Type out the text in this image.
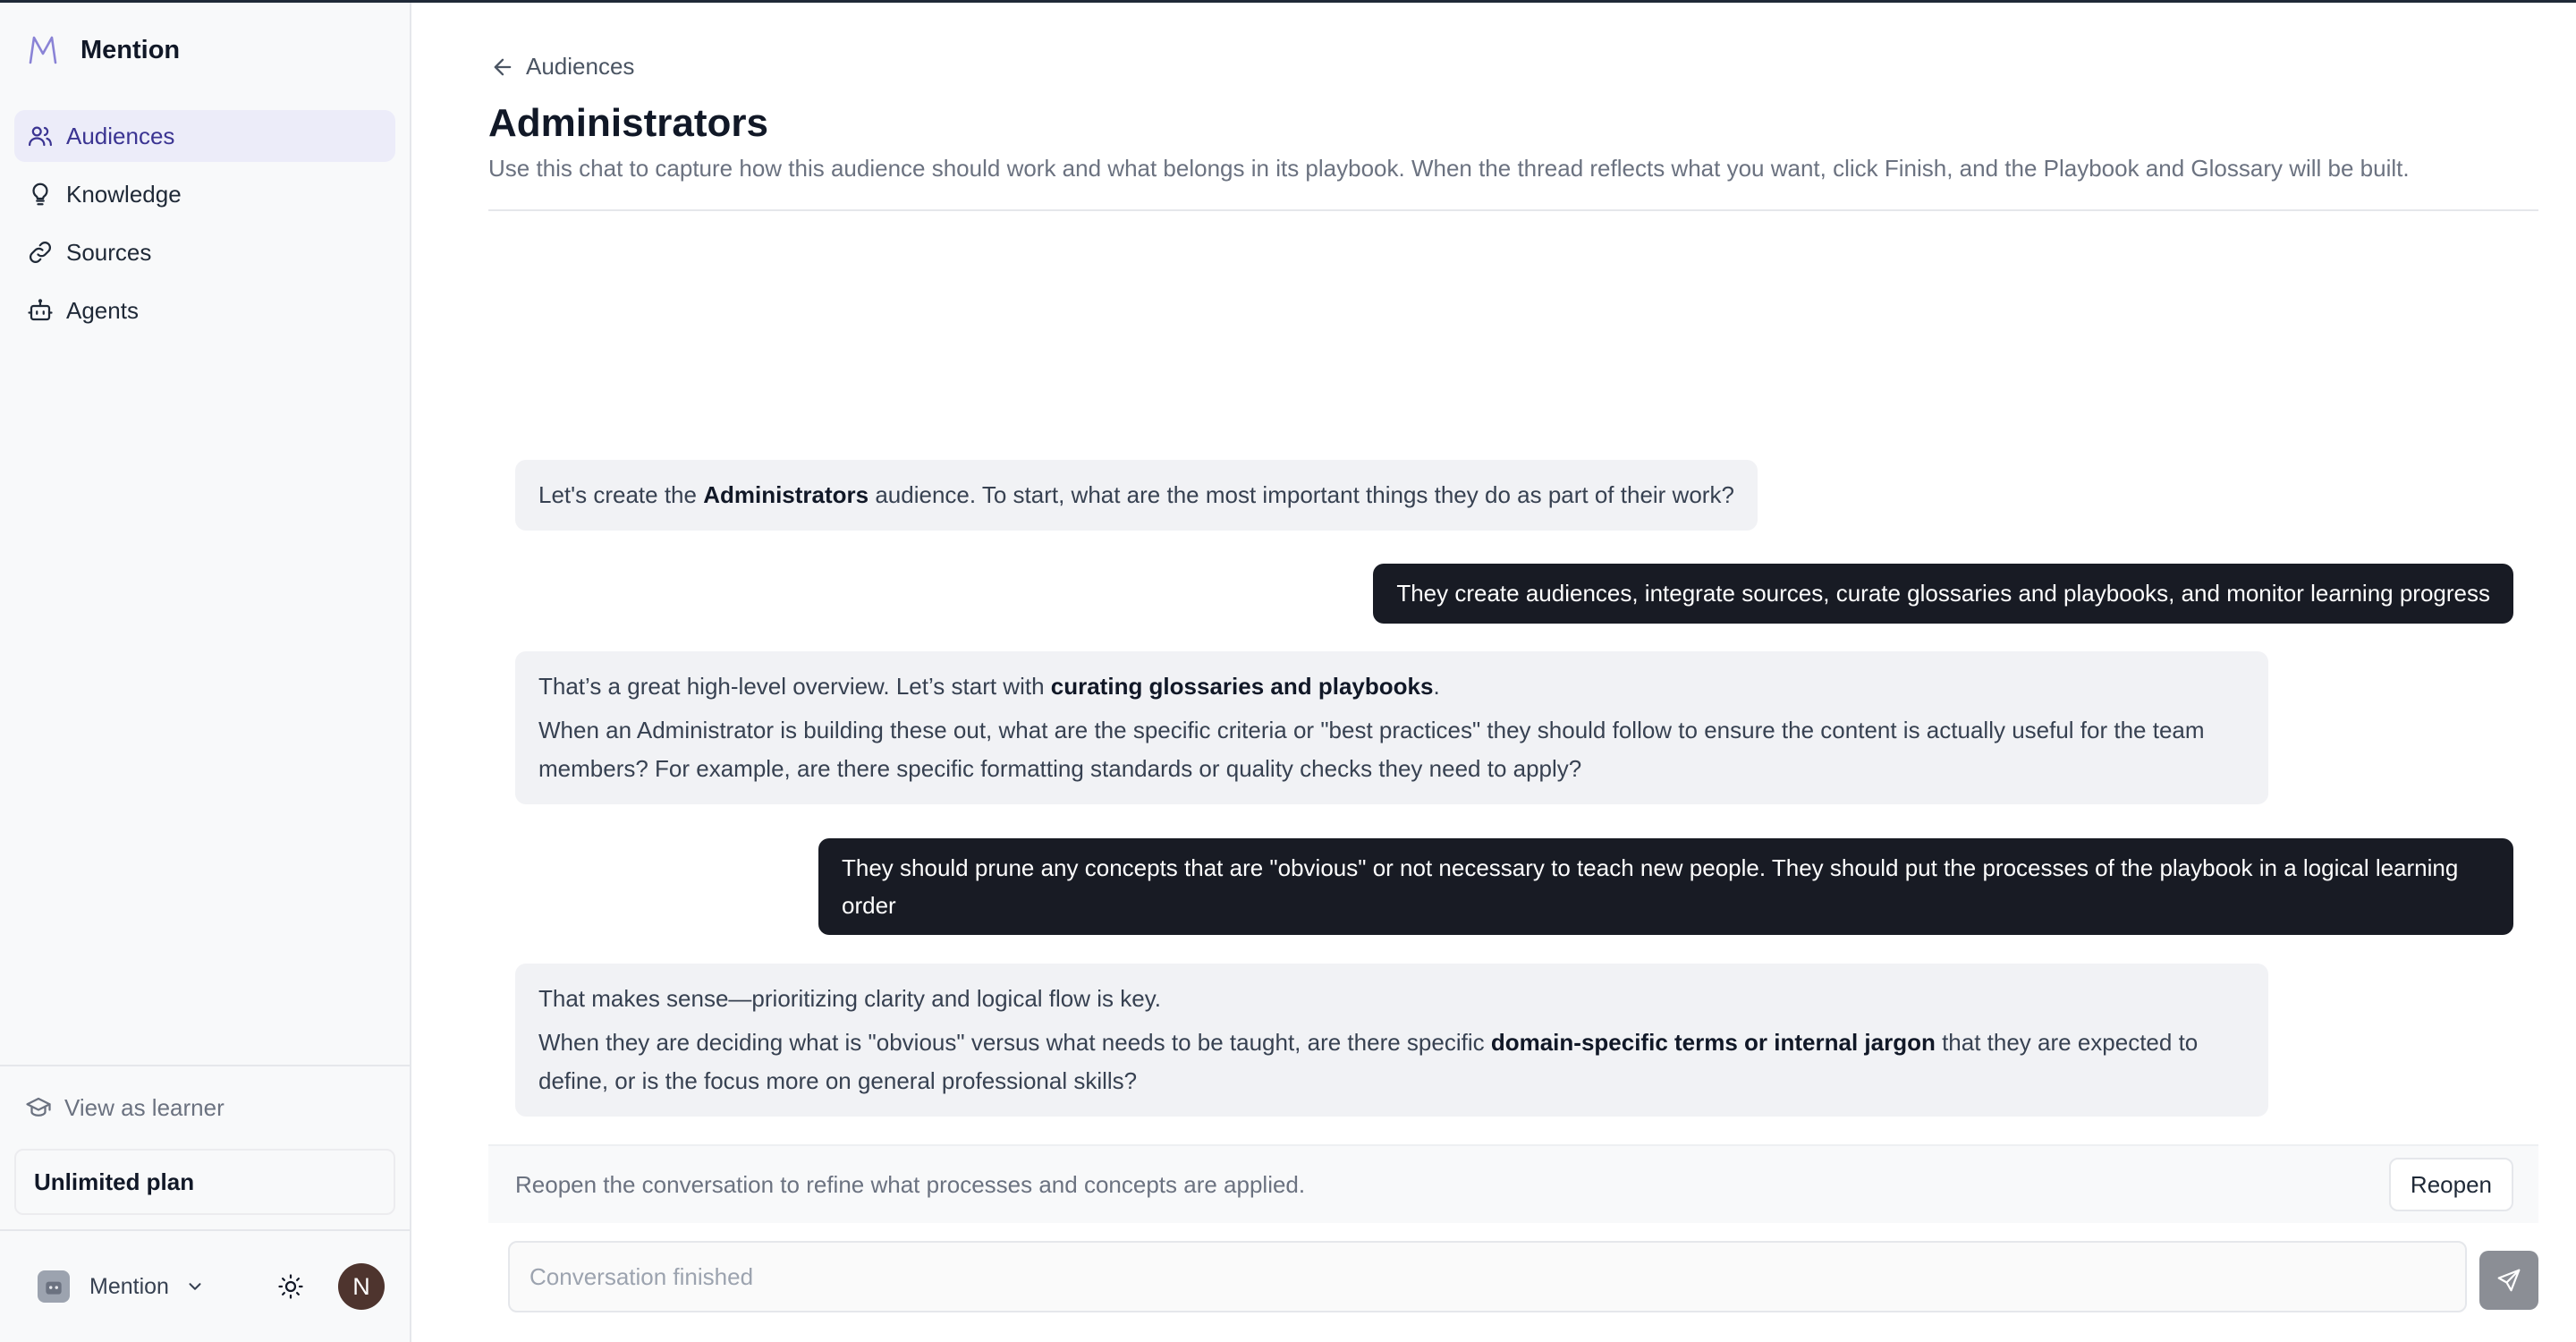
Mention
Audiences
Knowledge
Sources
Agents
View as learner
Unlimited plan
Mention	N
Audiences
Administrators

Use this chat to capture how this audience should work and what belongs in its playbook. When the thread reflects what you want, click Finish, and the Playbook and Glossary will be built.

Let's create the Administrators audience. To start, what are the most important things they do as part of their work?

They create audiences, integrate sources, curate glossaries and playbooks, and monitor learning progress

That’s a great high-level overview. Let’s start with curating glossaries and playbooks.

When an Administrator is building these out, what are the specific criteria or "best practices" they should follow to ensure the content is actually useful for the team members? For example, are there specific formatting standards or quality checks they need to apply?

They should prune any concepts that are "obvious" or not necessary to teach new people. They should put the processes of the playbook in a logical learning order

That makes sense—prioritizing clarity and logical flow is key.

When they are deciding what is "obvious" versus what needs to be taught, are there specific domain-specific terms or internal jargon that they are expected to define, or is the focus more on general professional skills?

Reopen the conversation to refine what processes and concepts are applied.	Reopen
Conversation finished
